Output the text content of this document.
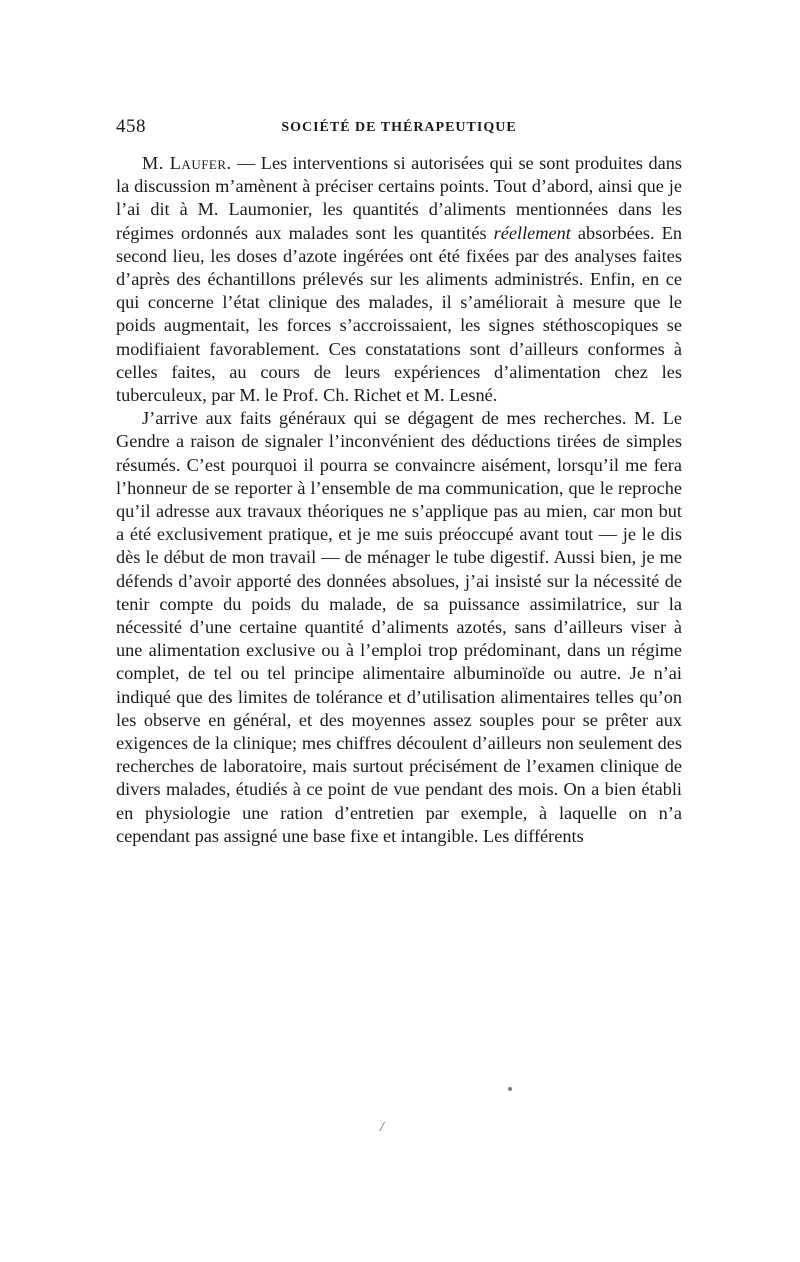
458	SOCIÉTÉ DE THÉRAPEUTIQUE

M. Laufer. — Les interventions si autorisées qui se sont produites dans la discussion m’amènent à préciser certains points. Tout d’abord, ainsi que je l’ai dit à M. Laumonier, les quantités d’aliments mentionnées dans les régimes ordonnés aux malades sont les quantités réellement absorbées. En second lieu, les doses d’azote ingérées ont été fixées par des analyses faites d’après des échantillons prélevés sur les aliments administrés. Enfin, en ce qui concerne l’état clinique des malades, il s’améliorait à mesure que le poids augmentait, les forces s’accroissaient, les signes stéthoscopiques se modifiaient favorablement. Ces constatations sont d’ailleurs conformes à celles faites, au cours de leurs expériences d’alimentation chez les tuberculeux, par M. le Prof. Ch. Richet et M. Lesné.

J’arrive aux faits généraux qui se dégagent de mes recherches. M. Le Gendre a raison de signaler l’inconvénient des déductions tirées de simples résumés. C’est pourquoi il pourra se convaincre aisément, lorsqu’il me fera l’honneur de se reporter à l’ensemble de ma communication, que le reproche qu’il adresse aux travaux théoriques ne s’applique pas au mien, car mon but a été exclusivement pratique, et je me suis préoccupé avant tout — je le dis dès le début de mon travail — de ménager le tube digestif. Aussi bien, je me défends d’avoir apporté des données absolues, j’ai insisté sur la nécessité de tenir compte du poids du malade, de sa puissance assimilatrice, sur la nécessité d’une certaine quantité d’aliments azotés, sans d’ailleurs viser à une alimentation exclusive ou à l’emploi trop prédominant, dans un régime complet, de tel ou tel principe alimentaire albuminoïde ou autre. Je n’ai indiqué que des limites de tolérance et d’utilisation alimentaires telles qu’on les observe en général, et des moyennes assez souples pour se prêter aux exigences de la clinique; mes chiffres découlent d’ailleurs non seulement des recherches de laboratoire, mais surtout précisément de l’examen clinique de divers malades, étudiés à ce point de vue pendant des mois. On a bien établi en physiologie une ration d’entretien par exemple, à laquelle on n’a cependant pas assigné une base fixe et intangible. Les différents

/
